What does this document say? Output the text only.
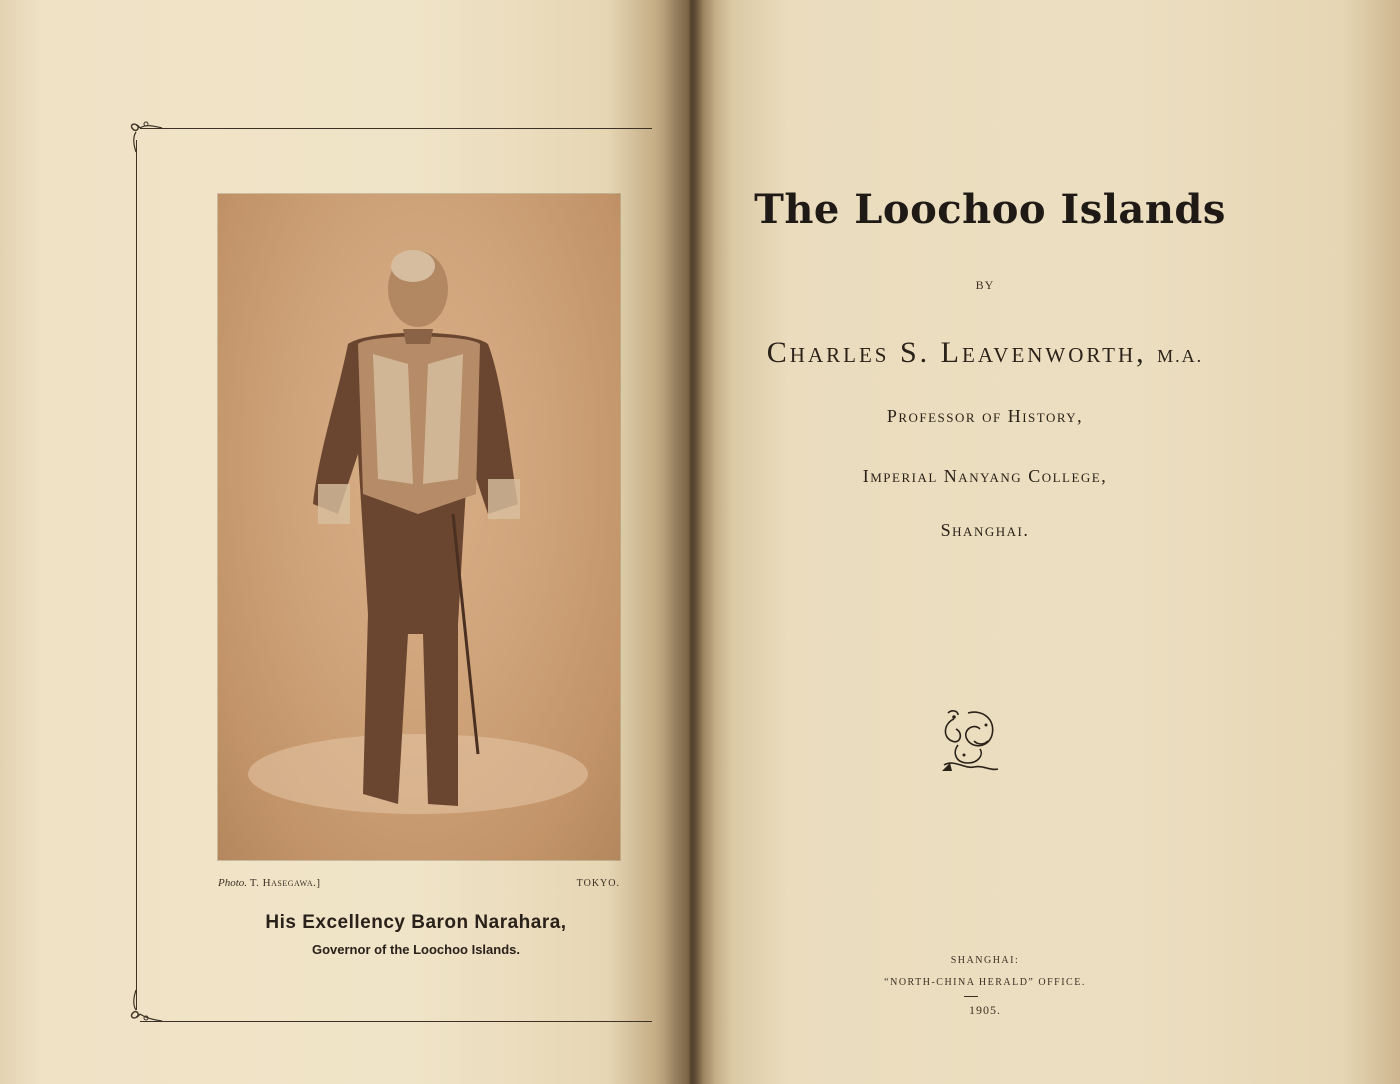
Photo. T. Hasegawa.]	TOKYO.
His Excellency Baron Narahara,
Governor of the Loochoo Islands.
The Loochoo Islands
BY
Charles S. Leavenworth, M.A.
Professor of History,
Imperial Nanyang College,
Shanghai.
SHANGHAI:
“NORTH-CHINA HERALD” OFFICE.
1905.
